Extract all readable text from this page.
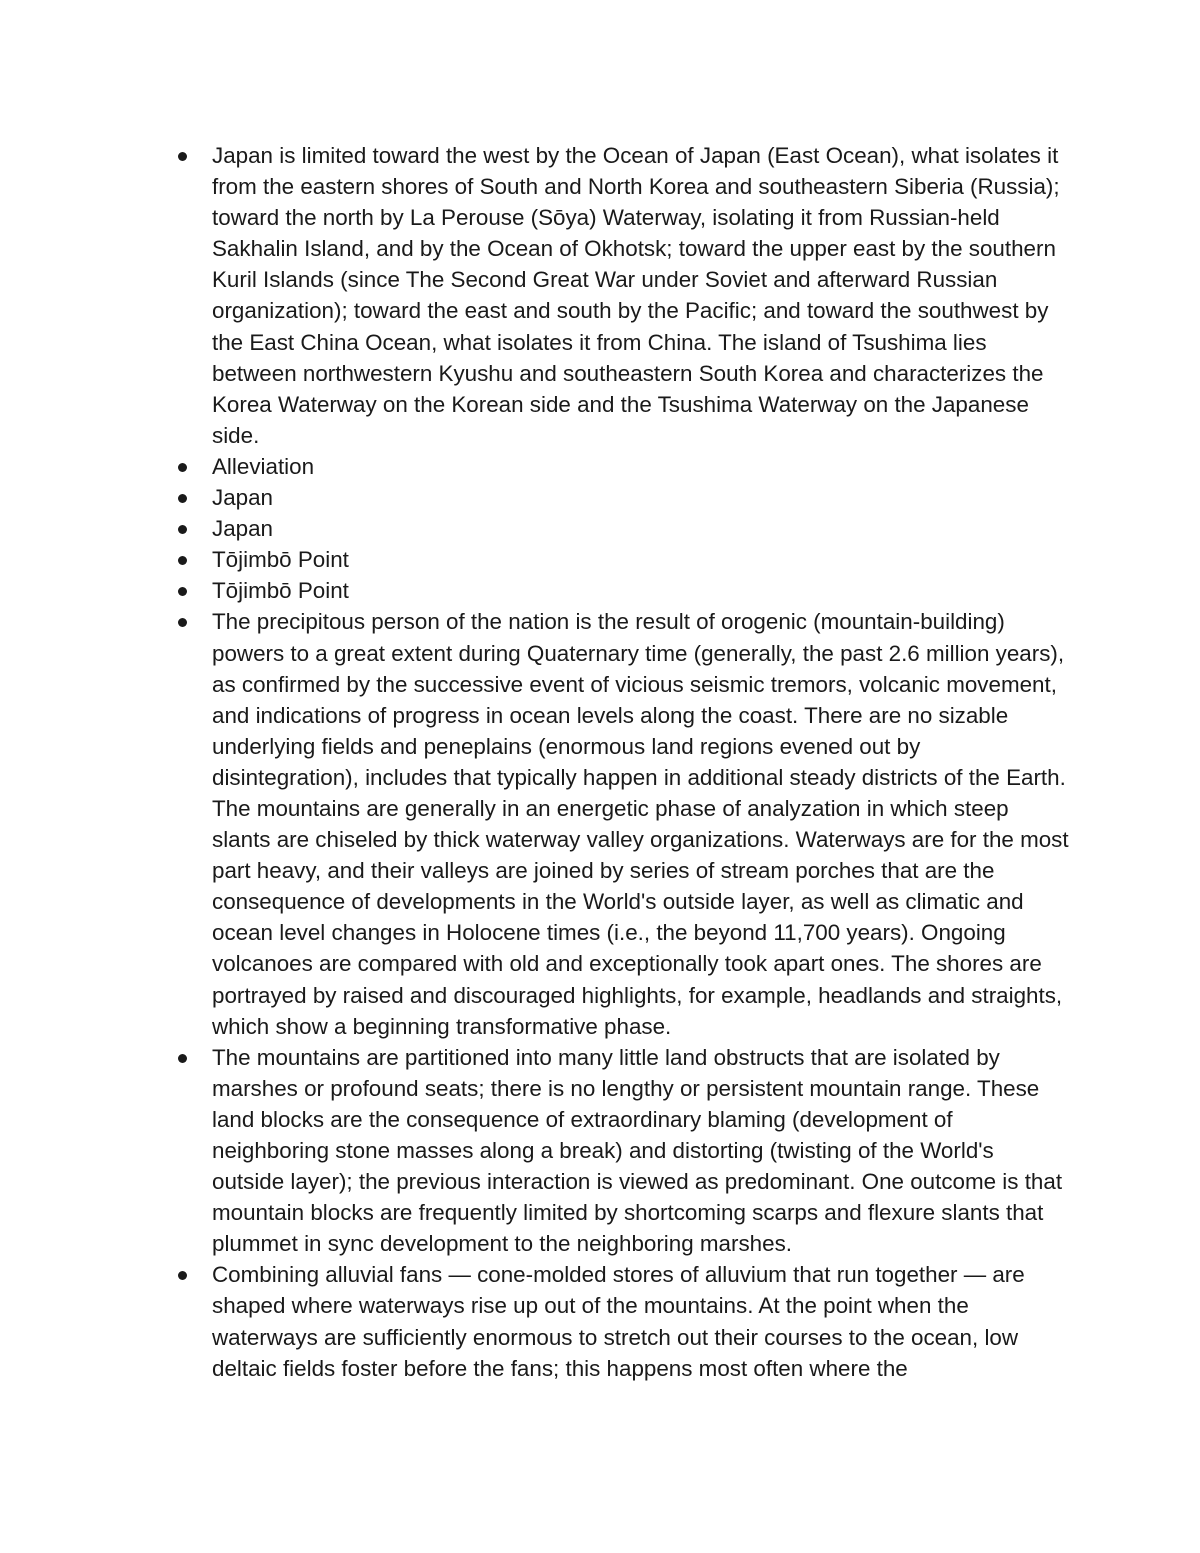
Japan is limited toward the west by the Ocean of Japan (East Ocean), what isolates it from the eastern shores of South and North Korea and southeastern Siberia (Russia); toward the north by La Perouse (Sōya) Waterway, isolating it from Russian-held Sakhalin Island, and by the Ocean of Okhotsk; toward the upper east by the southern Kuril Islands (since The Second Great War under Soviet and afterward Russian organization); toward the east and south by the Pacific; and toward the southwest by the East China Ocean, what isolates it from China. The island of Tsushima lies between northwestern Kyushu and southeastern South Korea and characterizes the Korea Waterway on the Korean side and the Tsushima Waterway on the Japanese side.
Alleviation
Japan
Japan
Tōjimbō Point
Tōjimbō Point
The precipitous person of the nation is the result of orogenic (mountain-building) powers to a great extent during Quaternary time (generally, the past 2.6 million years), as confirmed by the successive event of vicious seismic tremors, volcanic movement, and indications of progress in ocean levels along the coast. There are no sizable underlying fields and peneplains (enormous land regions evened out by disintegration), includes that typically happen in additional steady districts of the Earth. The mountains are generally in an energetic phase of analyzation in which steep slants are chiseled by thick waterway valley organizations. Waterways are for the most part heavy, and their valleys are joined by series of stream porches that are the consequence of developments in the World's outside layer, as well as climatic and ocean level changes in Holocene times (i.e., the beyond 11,700 years). Ongoing volcanoes are compared with old and exceptionally took apart ones. The shores are portrayed by raised and discouraged highlights, for example, headlands and straights, which show a beginning transformative phase.
The mountains are partitioned into many little land obstructs that are isolated by marshes or profound seats; there is no lengthy or persistent mountain range. These land blocks are the consequence of extraordinary blaming (development of neighboring stone masses along a break) and distorting (twisting of the World's outside layer); the previous interaction is viewed as predominant. One outcome is that mountain blocks are frequently limited by shortcoming scarps and flexure slants that plummet in sync development to the neighboring marshes.
Combining alluvial fans — cone-molded stores of alluvium that run together — are shaped where waterways rise up out of the mountains. At the point when the waterways are sufficiently enormous to stretch out their courses to the ocean, low deltaic fields foster before the fans; this happens most often where the
